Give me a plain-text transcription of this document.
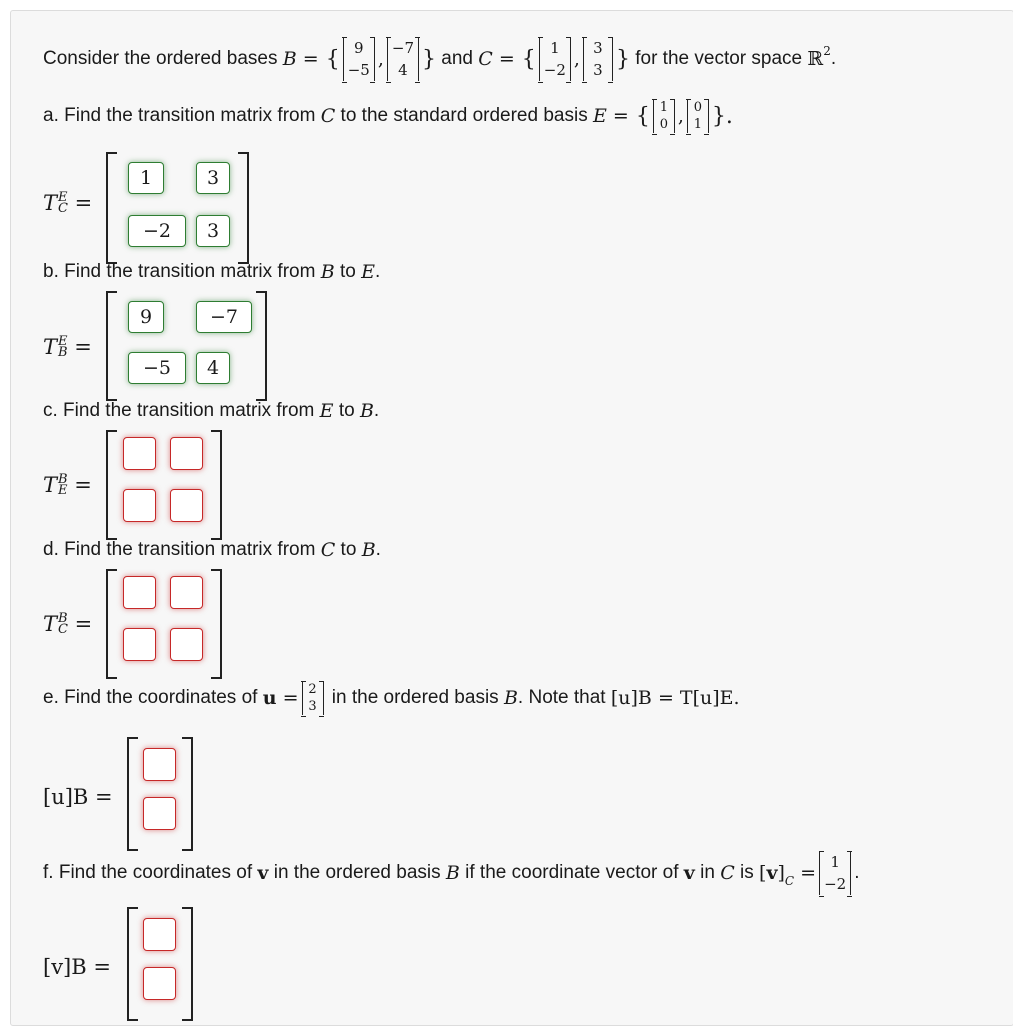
Consider the ordered bases
B
= { 9
−5 , −7
4 }
and
C
= { 1
−2 , 3
3 }
for the vector space
ℝ 2 .
a. Find the transition matrix from
C
to the standard ordered basis
E
= { 1
0 , 0
1 }.
T E
C
=
1	3
−2	3
b. Find the transition matrix from
B
to
E .
T E
B
=
9	−7
−5	4
c. Find the transition matrix from
E
to
B .
T B
E
=
d. Find the transition matrix from
C
to
B .
T B
C
=
e. Find the coordinates of
u
= 2
3
in the ordered basis
B . Note that
[u]B = T[u]E.
[u]B =
f. Find the coordinates of
v
in the ordered basis
B
if the coordinate vector of
v
in
C
is
$[v]_C = 1$
−2
.
[v]B =
